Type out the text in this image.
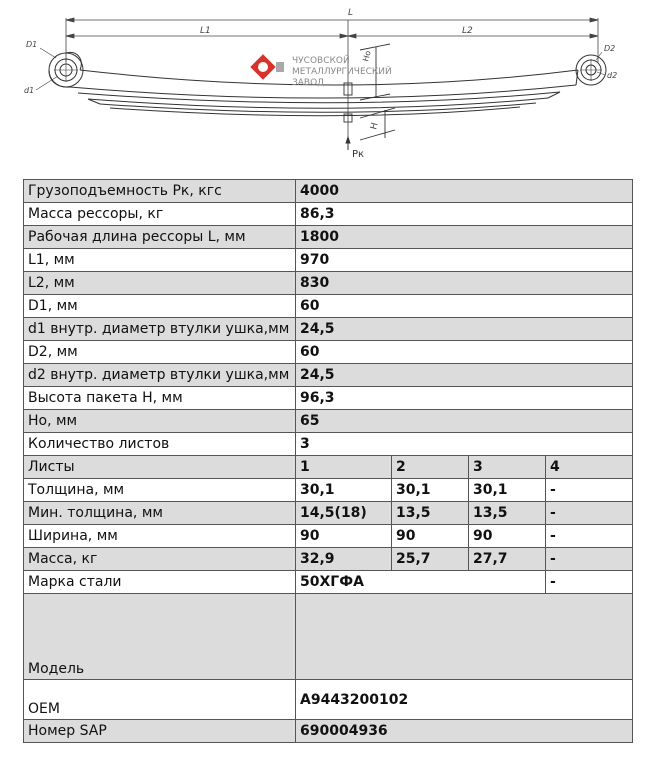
L
L1	L2
Ho
H
Pк
D1
d1
D2
d2
ЧУСОВСКОЙ
МЕТАЛЛУРГИЧЕСКИЙ
ЗАВОД
Грузоподъемность Рк, кгс	4000			
Масса рессоры, кг	86,3			
Рабочая длина рессоры L, мм	1800			
L1, мм	970			
L2, мм	830			
D1, мм	60			
d1 внутр. диаметр втулки ушка,мм	24,5			
D2, мм	60			
d2 внутр. диаметр втулки ушка,мм	24,5			
Высота пакета H, мм	96,3			
Но, мм	65			
Количество листов	3			
Листы	1	2	3	4
Толщина, мм	30,1	30,1	30,1	-
Мин. толщина, мм	14,5(18)	13,5	13,5	-
Ширина, мм	90	90	90	-
Масса, кг	32,9	25,7	27,7	-
Марка стали	50ХГФА			-
Модель				
OEM	A9443200102			
Номер SAP	690004936			
